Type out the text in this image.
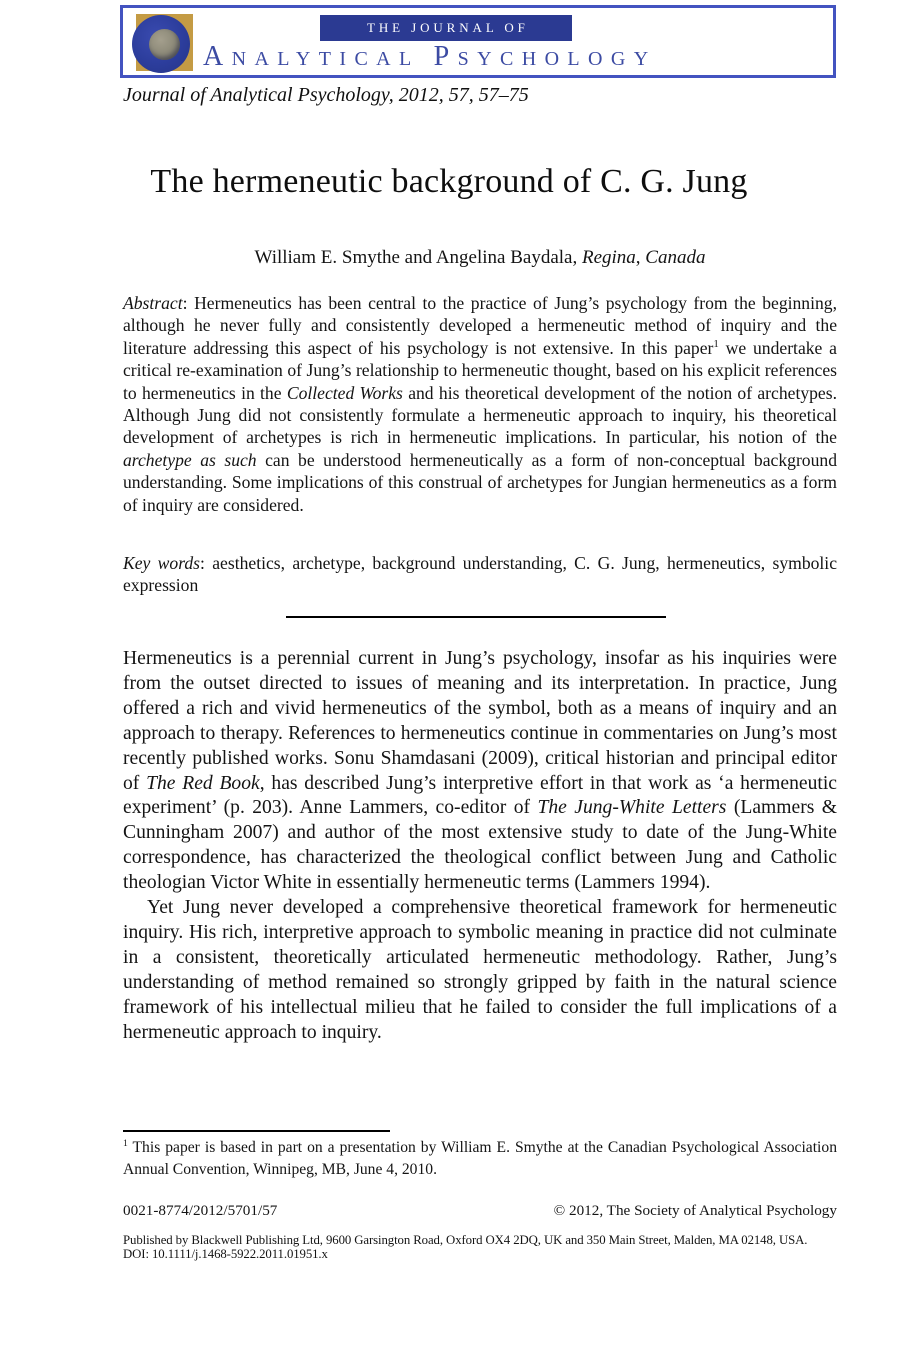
THE JOURNAL OF
Analytical Psychology
Journal of Analytical Psychology, 2012, 57, 57–75
The hermeneutic background of C. G. Jung
William E. Smythe and Angelina Baydala, Regina, Canada
Abstract: Hermeneutics has been central to the practice of Jung’s psychology from the beginning, although he never fully and consistently developed a hermeneutic method of inquiry and the literature addressing this aspect of his psychology is not extensive. In this paper$^1$ we undertake a critical re-examination of Jung’s relationship to hermeneutic thought, based on his explicit references to hermeneutics in the Collected Works and his theoretical development of the notion of archetypes. Although Jung did not consistently formulate a hermeneutic approach to inquiry, his theoretical development of archetypes is rich in hermeneutic implications. In particular, his notion of the archetype as such can be understood hermeneutically as a form of non-conceptual background understanding. Some implications of this construal of archetypes for Jungian hermeneutics as a form of inquiry are considered.
Key words: aesthetics, archetype, background understanding, C. G. Jung, hermeneutics, symbolic expression

Hermeneutics is a perennial current in Jung’s psychology, insofar as his inquiries were from the outset directed to issues of meaning and its interpretation. In practice, Jung offered a rich and vivid hermeneutics of the symbol, both as a means of inquiry and an approach to therapy. References to hermeneutics continue in commentaries on Jung’s most recently published works. Sonu Shamdasani (2009), critical historian and principal editor of The Red Book, has described Jung’s interpretive effort in that work as ‘a hermeneutic experiment’ (p. 203). Anne Lammers, co-editor of The Jung-White Letters (Lammers & Cunningham 2007) and author of the most extensive study to date of the Jung-White correspondence, has characterized the theological conflict between Jung and Catholic theologian Victor White in essentially hermeneutic terms (Lammers 1994).

Yet Jung never developed a comprehensive theoretical framework for hermeneutic inquiry. His rich, interpretive approach to symbolic meaning in practice did not culminate in a consistent, theoretically articulated hermeneutic methodology. Rather, Jung’s understanding of method remained so strongly gripped by faith in the natural science framework of his intellectual milieu that he failed to consider the full implications of a hermeneutic approach to inquiry.

$^1$ This paper is based in part on a presentation by William E. Smythe at the Canadian Psychological Association Annual Convention, Winnipeg, MB, June 4, 2010.
0021-8774/2012/5701/57	© 2012, The Society of Analytical Psychology
Published by Blackwell Publishing Ltd, 9600 Garsington Road, Oxford OX4 2DQ, UK and 350 Main Street, Malden, MA 02148, USA.
DOI: 10.1111/j.1468-5922.2011.01951.x
